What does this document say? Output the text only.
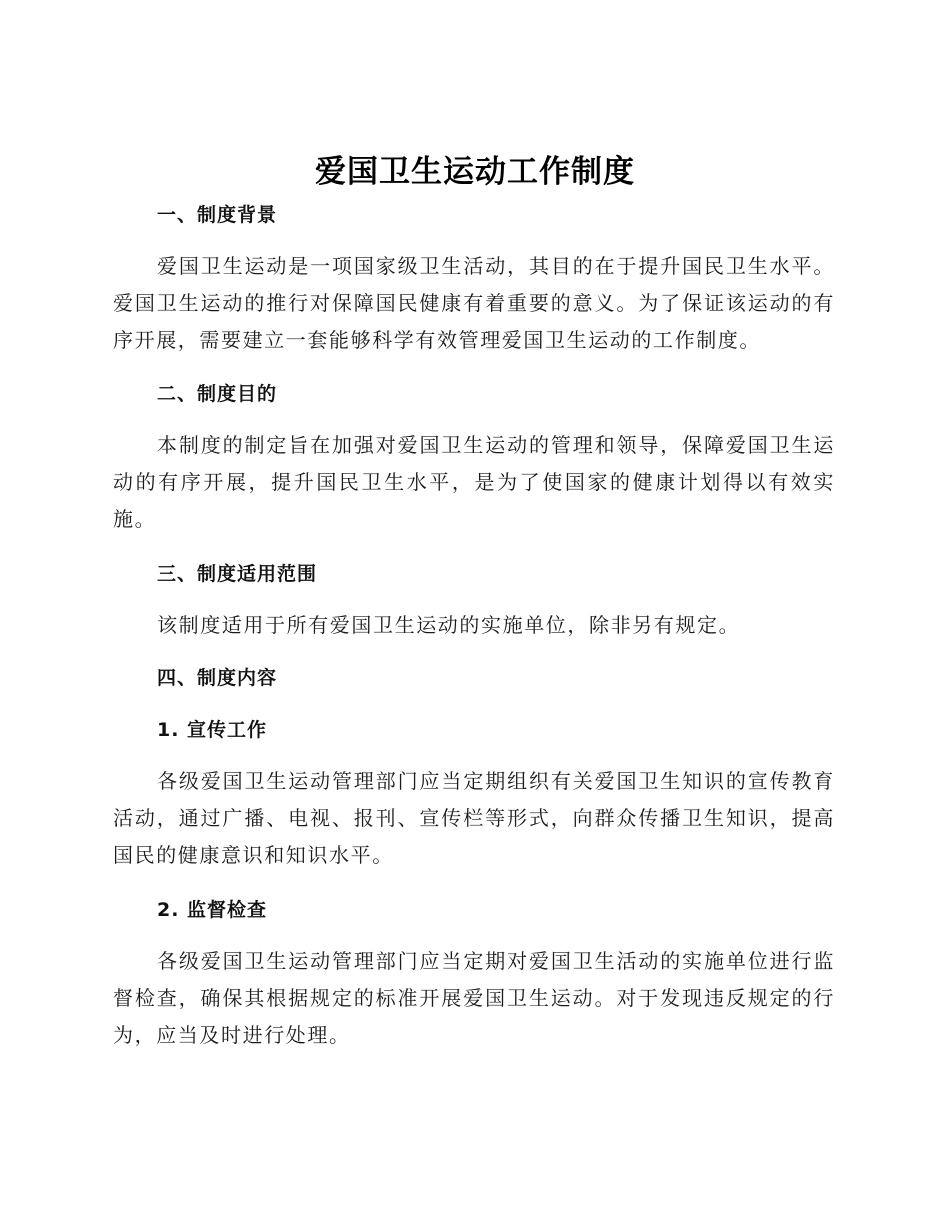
爱国卫生运动工作制度
一、制度背景

爱国卫生运动是一项国家级卫生活动，其目的在于提升国民卫生水平。爱国卫生运动的推行对保障国民健康有着重要的意义。为了保证该运动的有序开展，需要建立一套能够科学有效管理爱国卫生运动的工作制度。

二、制度目的

本制度的制定旨在加强对爱国卫生运动的管理和领导，保障爱国卫生运动的有序开展，提升国民卫生水平，是为了使国家的健康计划得以有效实施。

三、制度适用范围

该制度适用于所有爱国卫生运动的实施单位，除非另有规定。

四、制度内容
1. 宣传工作

各级爱国卫生运动管理部门应当定期组织有关爱国卫生知识的宣传教育活动，通过广播、电视、报刊、宣传栏等形式，向群众传播卫生知识，提高国民的健康意识和知识水平。

2. 监督检查

各级爱国卫生运动管理部门应当定期对爱国卫生活动的实施单位进行监督检查，确保其根据规定的标准开展爱国卫生运动。对于发现违反规定的行为，应当及时进行处理。
